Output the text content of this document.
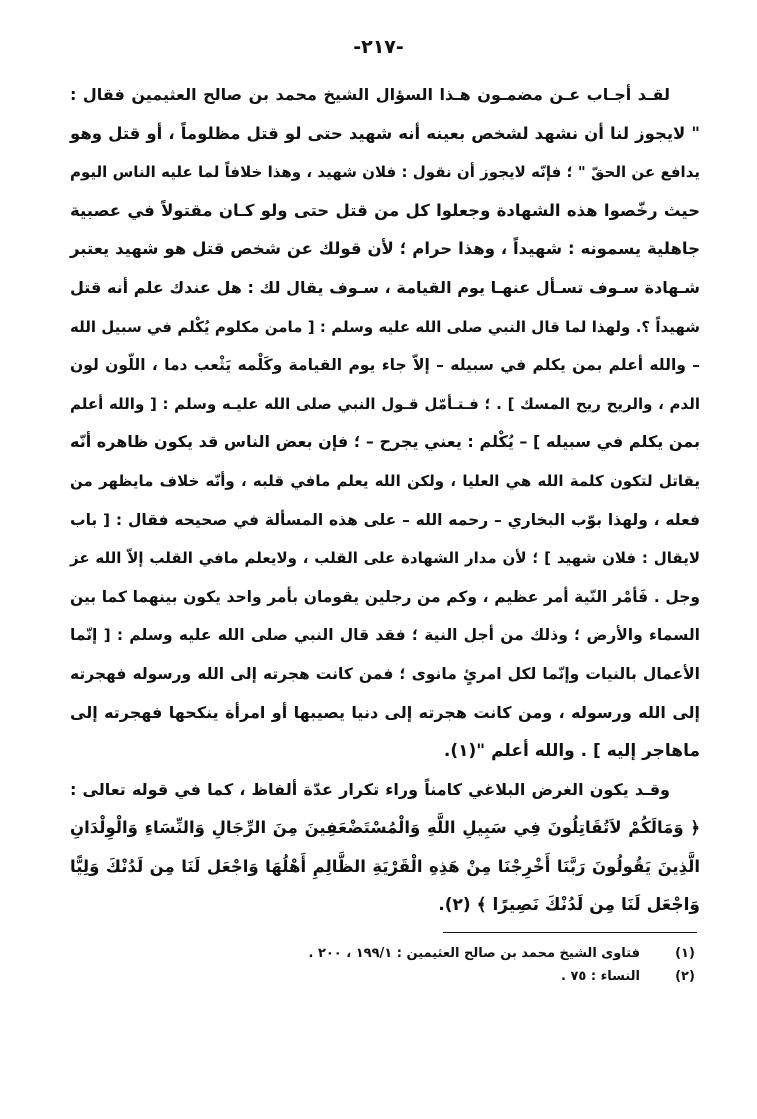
-٢١٧-
لقـد أجـاب عـن مضمـون هـذا السؤال الشيخ محمد بن صالح العثيمين فقال :
" لايجوز لنا أن نشهد لشخص بعينه أنه شهيد حتى لو قتل مظلوماً ، أو قتل وهو
يدافع عن الحقّ " ؛ فإنّه لايجوز أن نقول : فلان شهيد ، وهذا خلافاً لما عليه الناس اليوم
حيث رخّصوا هذه الشهادة وجعلوا كل من قتل حتى ولو كـان مقتولاً في عصبية
جاهلية يسمونه : شهيداً ، وهذا حرام ؛ لأن قولك عن شخص قتل هو شهيد يعتبر
شـهادة سـوف تسـأل عنهـا يوم القيامة ، سـوف يقال لك : هل عندك علم أنه قتل
شهيداً ؟. ولهذا لما قال النبي صلى الله عليه وسلم : [ مامن مكلوم يُكْلم في سبيل الله
– والله أعلم بمن يكلم في سبيله – إلاّ جاء يوم القيامة وكَلْمه يَثْعب دما ، اللّون لون
الدم ، والريح ريح المسك ] . ؛ فـتـأمّل قـول النبي صلى الله عليـه وسلم : [ والله أعلم
بمن يكلم في سبيله ] – يُكْلم : يعني يجرح – ؛ فإن بعض الناس قد يكون ظاهره أنّه
يقاتل لتكون كلمة الله هي العليا ، ولكن الله يعلم مافي قلبه ، وأنّه خلاف مايظهر من
فعله ، ولهذا بوّب البخاري – رحمه الله – على هذه المسألة في صحيحه فقال : [ باب
لايقال : فلان شهيد ] ؛ لأن مدار الشهادة على القلب ، ولايعلم مافي القلب إلاّ الله عز
وجل . فَأمْر النّية أمر عظيم ، وكم من رجلين يقومان بأمر واحد يكون بينهما كما بين
السماء والأرض ؛ وذلك من أجل النية ؛ فقد قال النبي صلى الله عليه وسلم : [ إنّما
الأعمال بالنيات وإنّما لكل امرئٍ مانوى ؛ فمن كانت هجرته إلى الله ورسوله فهجرته
إلى الله ورسوله ، ومن كانت هجرته إلى دنيا يصيبها أو امرأة ينكحها فهجرته إلى
ماهاجر إليه ] . والله أعلم "(١).
وقـد يكون الغرض البلاغي كامناً وراء تكرار عدّة ألفاظ ، كما في قوله تعالى :
﴿ وَمَالَكُمْ لاَتُقَاتِلُونَ فِي سَبِيلِ اللَّهِ وَالْمُسْتَضْعَفِينَ مِنَ الرِّجَالِ وَالنِّسَاءِ وَالْوِلْدَانِ
الَّذِينَ يَقُولُونَ رَبَّنَا أَخْرِجْنَا مِنْ هَذِهِ الْقَرْيَةِ الظَّالِمِ أَهْلُهَا وَاجْعَل لَنَا مِن لَدُنْكَ وَلِيًّا
وَاجْعَل لَنَا مِن لَدُنْكَ نَصِيرًا ﴾ (٢).
(١)
فتاوى الشيخ محمد بن صالح العثيمين : ١٩٩/١ ، ٢٠٠ .
(٢)
النساء : ٧٥ .
